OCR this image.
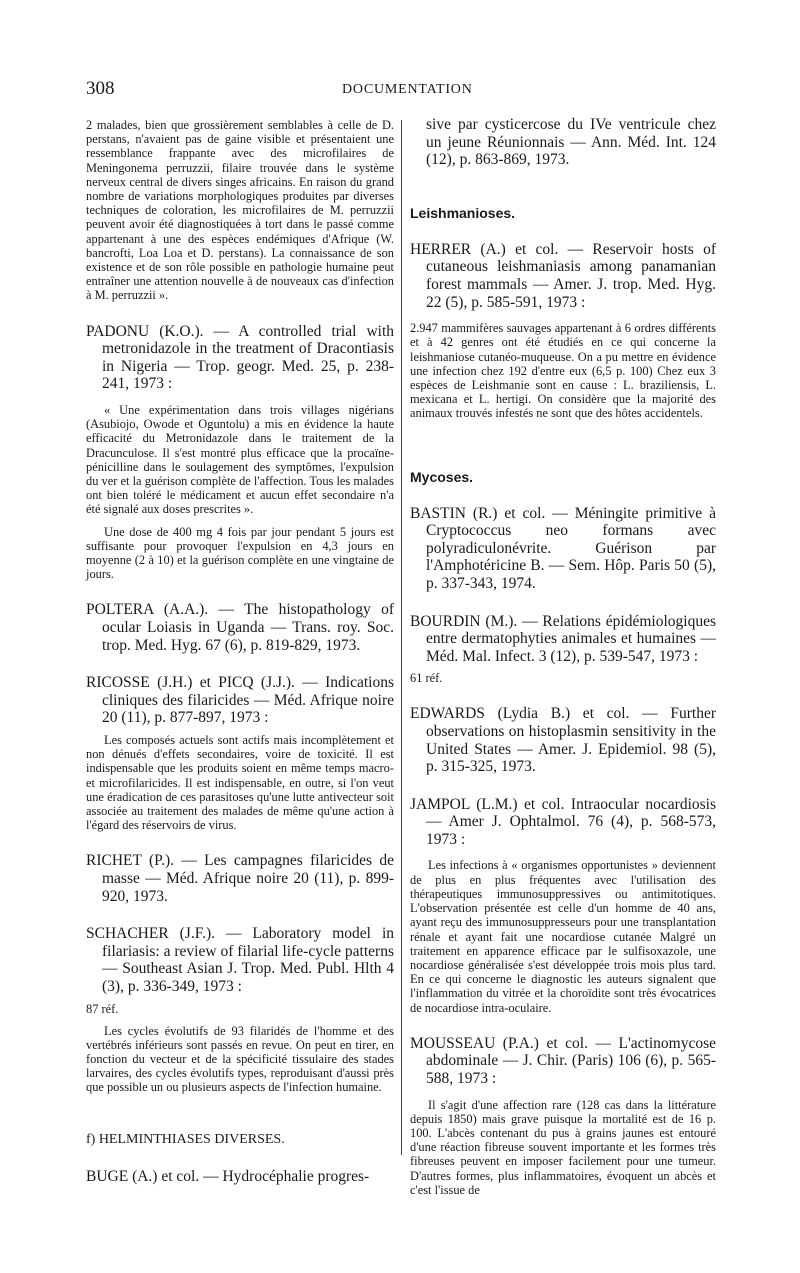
308	DOCUMENTATION

2 malades, bien que grossièrement semblables à celle de D. perstans, n'avaient pas de gaine visible et présentaient une ressemblance frappante avec des microfilaires de Meningonema perruzzii, filaire trouvée dans le système nerveux central de divers singes africains. En raison du grand nombre de variations morphologiques produites par diverses techniques de coloration, les microfilaires de M. perruzzii peuvent avoir été diagnostiquées à tort dans le passé comme appartenant à une des espèces endémiques d'Afrique (W. bancrofti, Loa Loa et D. perstans). La connaissance de son existence et de son rôle possible en pathologie humaine peut entraîner une attention nouvelle à de nouveaux cas d'infection à M. perruzzii ».

PADONU (K.O.). — A controlled trial with metronidazole in the treatment of Dracontiasis in Nigeria — Trop. geogr. Med. 25, p. 238-241, 1973 :

« Une expérimentation dans trois villages nigérians (Asubiojo, Owode et Oguntolu) a mis en évidence la haute efficacité du Metronidazole dans le traitement de la Dracunculose. Il s'est montré plus efficace que la procaïne-pénicilline dans le soulagement des symptômes, l'expulsion du ver et la guérison complète de l'affection. Tous les malades ont bien toléré le médicament et aucun effet secondaire n'a été signalé aux doses prescrites ».

Une dose de 400 mg 4 fois par jour pendant 5 jours est suffisante pour provoquer l'expulsion en 4,3 jours en moyenne (2 à 10) et la guérison complète en une vingtaine de jours.

POLTERA (A.A.). — The histopathology of ocular Loiasis in Uganda — Trans. roy. Soc. trop. Med. Hyg. 67 (6), p. 819-829, 1973.

RICOSSE (J.H.) et PICQ (J.J.). — Indications cliniques des filaricides — Méd. Afrique noire 20 (11), p. 877-897, 1973 :

Les composés actuels sont actifs mais incomplètement et non dénués d'effets secondaires, voire de toxicité. Il est indispensable que les produits soient en même temps macro- et microfilaricides. Il est indispensable, en outre, si l'on veut une éradication de ces parasitoses qu'une lutte antivecteur soit associée au traitement des malades de même qu'une action à l'égard des réservoirs de virus.

RICHET (P.). — Les campagnes filaricides de masse — Méd. Afrique noire 20 (11), p. 899-920, 1973.

SCHACHER (J.F.). — Laboratory model in filariasis: a review of filarial life-cycle patterns — Southeast Asian J. Trop. Med. Publ. Hlth 4 (3), p. 336-349, 1973 :

87 réf.

Les cycles évolutifs de 93 filaridés de l'homme et des vertébrés inférieurs sont passés en revue. On peut en tirer, en fonction du vecteur et de la spécificité tissulaire des stades larvaires, des cycles évolutifs types, reproduisant d'aussi près que possible un ou plusieurs aspects de l'infection humaine.

f) HELMINTHIASES DIVERSES.

BUGE (A.) et col. — Hydrocéphalie progres-

sive par cysticercose du IVe ventricule chez un jeune Réunionnais — Ann. Méd. Int. 124 (12), p. 863-869, 1973.

Leishmanioses.

HERRER (A.) et col. — Reservoir hosts of cutaneous leishmaniasis among panamanian forest mammals — Amer. J. trop. Med. Hyg. 22 (5), p. 585-591, 1973 :

2.947 mammifères sauvages appartenant à 6 ordres différents et à 42 genres ont été étudiés en ce qui concerne la leishmaniose cutanéo-muqueuse. On a pu mettre en évidence une infection chez 192 d'entre eux (6,5 p. 100) Chez eux 3 espèces de Leishmanie sont en cause : L. braziliensis, L. mexicana et L. hertigi. On considère que la majorité des animaux trouvés infestés ne sont que des hôtes accidentels.

Mycoses.

BASTIN (R.) et col. — Méningite primitive à Cryptococcus neo formans avec polyradiculonévrite. Guérison par l'Amphotéricine B. — Sem. Hôp. Paris 50 (5), p. 337-343, 1974.

BOURDIN (M.). — Relations épidémiologiques entre dermatophyties animales et humaines — Méd. Mal. Infect. 3 (12), p. 539-547, 1973 :

61 réf.

EDWARDS (Lydia B.) et col. — Further observations on histoplasmin sensitivity in the United States — Amer. J. Epidemiol. 98 (5), p. 315-325, 1973.

JAMPOL (L.M.) et col. Intraocular nocardiosis — Amer J. Ophtalmol. 76 (4), p. 568-573, 1973 :

Les infections à « organismes opportunistes » deviennent de plus en plus fréquentes avec l'utilisation des thérapeutiques immunosuppressives ou antimitotiques. L'observation présentée est celle d'un homme de 40 ans, ayant reçu des immunosuppresseurs pour une transplantation rénale et ayant fait une nocardiose cutanée Malgré un traitement en apparence efficace par le sulfisoxazole, une nocardiose généralisée s'est développée trois mois plus tard. En ce qui concerne le diagnostic les auteurs signalent que l'inflammation du vitrée et la choroïdite sont très évocatrices de nocardiose intra-oculaire.

MOUSSEAU (P.A.) et col. — L'actinomycose abdominale — J. Chir. (Paris) 106 (6), p. 565-588, 1973 :

Il s'agit d'une affection rare (128 cas dans la littérature depuis 1850) mais grave puisque la mortalité est de 16 p. 100. L'abcès contenant du pus à grains jaunes est entouré d'une réaction fibreuse souvent importante et les formes très fibreuses peuvent en imposer facilement pour une tumeur. D'autres formes, plus inflammatoires, évoquent un abcès et c'est l'issue de
